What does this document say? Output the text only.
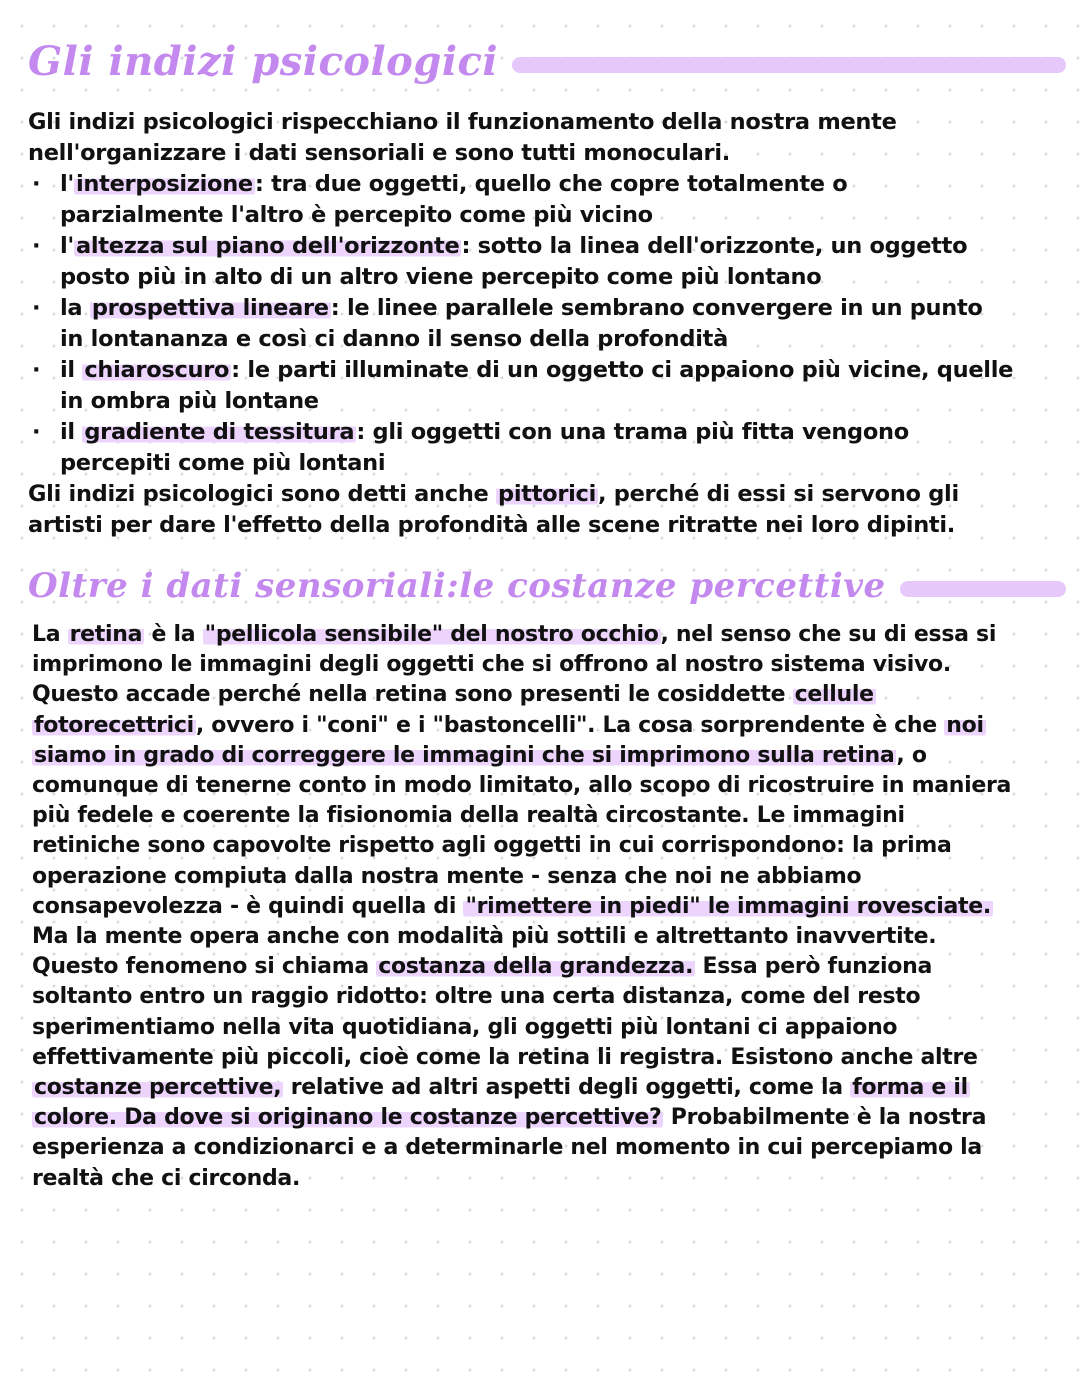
Gli indizi psicologici
Gli indizi psicologici rispecchiano il funzionamento della nostra mente
nell'organizzare i dati sensoriali e sono tutti monoculari.
· l'interposizione: tra due oggetti, quello che copre totalmente o
parzialmente l'altro è percepito come più vicino
· l'altezza sul piano dell'orizzonte: sotto la linea dell'orizzonte, un oggetto
posto più in alto di un altro viene percepito come più lontano
· la prospettiva lineare: le linee parallele sembrano convergere in un punto
in lontananza e così ci danno il senso della profondità
· il chiaroscuro: le parti illuminate di un oggetto ci appaiono più vicine, quelle
in ombra più lontane
· il gradiente di tessitura: gli oggetti con una trama più fitta vengono
percepiti come più lontani
Gli indizi psicologici sono detti anche pittorici, perché di essi si servono gli
artisti per dare l'effetto della profondità alle scene ritratte nei loro dipinti.
Oltre i dati sensoriali:le costanze percettive
La retina è la "pellicola sensibile" del nostro occhio, nel senso che su di essa si
imprimono le immagini degli oggetti che si offrono al nostro sistema visivo.
Questo accade perché nella retina sono presenti le cosiddette cellule
fotorecettrici, ovvero i "coni" e i "bastoncelli". La cosa sorprendente è che noi
siamo in grado di correggere le immagini che si imprimono sulla retina, o
comunque di tenerne conto in modo limitato, allo scopo di ricostruire in maniera
più fedele e coerente la fisionomia della realtà circostante. Le immagini
retiniche sono capovolte rispetto agli oggetti in cui corrispondono: la prima
operazione compiuta dalla nostra mente - senza che noi ne abbiamo
consapevolezza - è quindi quella di "rimettere in piedi" le immagini rovesciate.
Ma la mente opera anche con modalità più sottili e altrettanto inavvertite.
Questo fenomeno si chiama costanza della grandezza. Essa però funziona
soltanto entro un raggio ridotto: oltre una certa distanza, come del resto
sperimentiamo nella vita quotidiana, gli oggetti più lontani ci appaiono
effettivamente più piccoli, cioè come la retina li registra. Esistono anche altre
costanze percettive, relative ad altri aspetti degli oggetti, come la forma e il
colore. Da dove si originano le costanze percettive? Probabilmente è la nostra
esperienza a condizionarci e a determinarle nel momento in cui percepiamo la
realtà che ci circonda.
